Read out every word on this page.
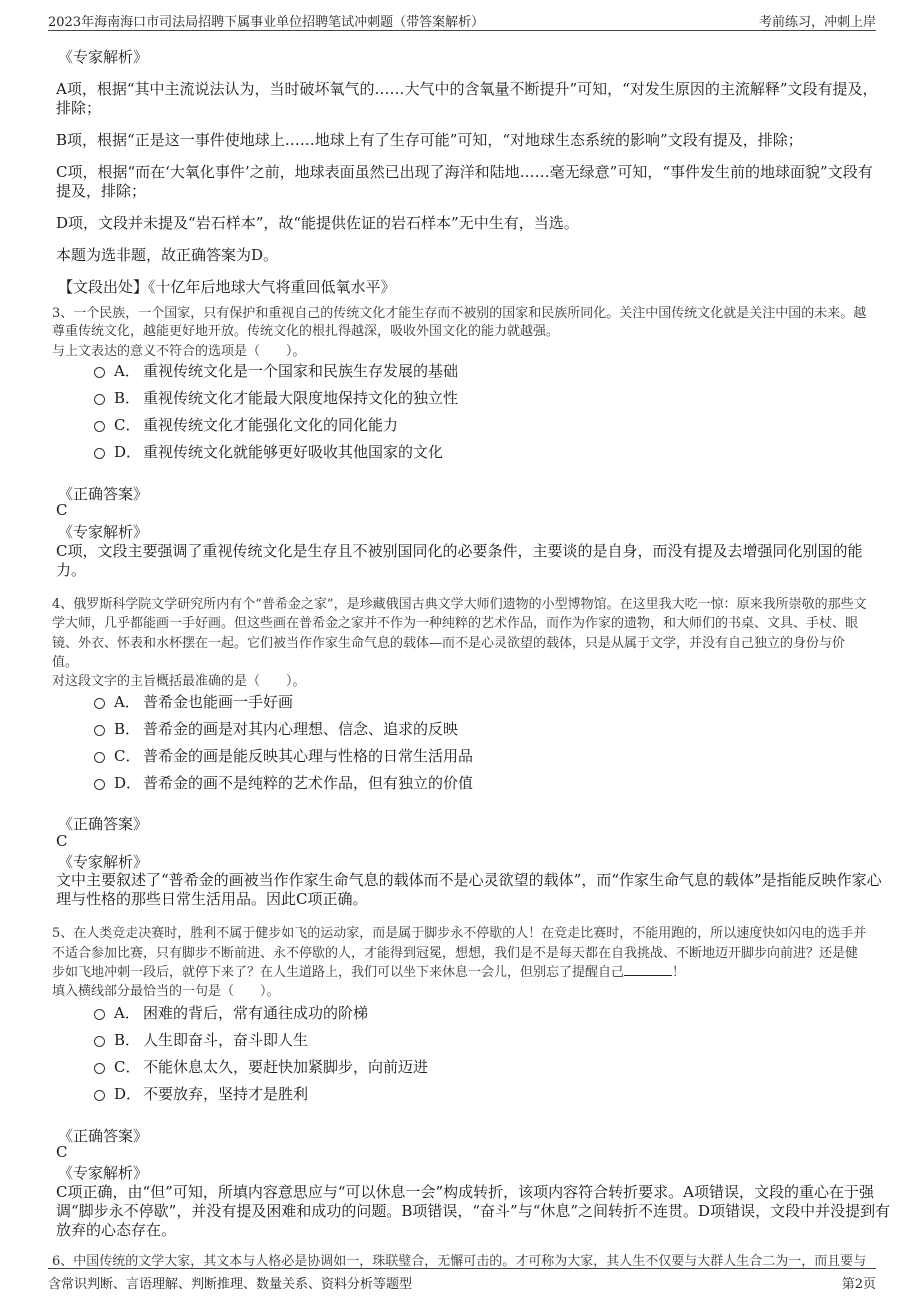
2023年海南海口市司法局招聘下属事业单位招聘笔试冲刺题（带答案解析）	考前练习，冲刺上岸
《专家解析》
A项，根据“其中主流说法认为，当时破坏氧气的……大气中的含氧量不断提升”可知，“对发生原因的主流解释”文段有提及，
排除；
B项，根据“正是这一事件使地球上……地球上有了生存可能”可知，“对地球生态系统的影响”文段有提及，排除；
C项，根据“而在‘大氧化事件’之前，地球表面虽然已出现了海洋和陆地……毫无绿意”可知，“事件发生前的地球面貌”文段有
提及，排除；
D项，文段并未提及“岩石样本”，故“能提供佐证的岩石样本”无中生有，当选。
本题为选非题，故正确答案为D。
【文段出处】《十亿年后地球大气将重回低氧水平》
3、一个民族，一个国家，只有保护和重视自己的传统文化才能生存而不被别的国家和民族所同化。关注中国传统文化就是关注中国的未来。越
尊重传统文化，越能更好地开放。传统文化的根扎得越深，吸收外国文化的能力就越强。
与上文表达的意义不符合的选项是（　　）。
A． 重视传统文化是一个国家和民族生存发展的基础
B． 重视传统文化才能最大限度地保持文化的独立性
C． 重视传统文化才能强化文化的同化能力
D． 重视传统文化就能够更好吸收其他国家的文化
《正确答案》
C
《专家解析》
C项，文段主要强调了重视传统文化是生存且不被别国同化的必要条件，主要谈的是自身，而没有提及去增强同化别国的能
力。
4、俄罗斯科学院文学研究所内有个“普希金之家”，是珍藏俄国古典文学大师们遗物的小型博物馆。在这里我大吃一惊：原来我所崇敬的那些文
学大师，几乎都能画一手好画。但这些画在普希金之家并不作为一种纯粹的艺术作品，而作为作家的遗物，和大师们的书桌、文具、手杖、眼
镜、外衣、怀表和水杯摆在一起。它们被当作作家生命气息的载体—而不是心灵欲望的载体，只是从属于文学，并没有自己独立的身份与价
值。
对这段文字的主旨概括最准确的是（　　）。
A． 普希金也能画一手好画
B． 普希金的画是对其内心理想、信念、追求的反映
C． 普希金的画是能反映其心理与性格的日常生活用品
D． 普希金的画不是纯粹的艺术作品，但有独立的价值
《正确答案》
C
《专家解析》
文中主要叙述了“普希金的画被当作作家生命气息的载体而不是心灵欲望的载体”，而“作家生命气息的载体”是指能反映作家心
理与性格的那些日常生活用品。因此C项正确。
5、在人类竞走决赛时，胜利不属于健步如飞的运动家，而是属于脚步永不停歇的人！在竞走比赛时，不能用跑的，所以速度快如闪电的选手并
不适合参加比赛，只有脚步不断前进、永不停歇的人，才能得到冠冕，想想，我们是不是每天都在自我挑战、不断地迈开脚步向前进？还是健
步如飞地冲刺一段后，就停下来了？在人生道路上，我们可以坐下来休息一会儿，但别忘了提醒自己	！
填入横线部分最恰当的一句是（　　）。
A． 困难的背后，常有通往成功的阶梯
B． 人生即奋斗，奋斗即人生
C． 不能休息太久，要赶快加紧脚步，向前迈进
D． 不要放弃，坚持才是胜利
《正确答案》
C
《专家解析》
C项正确，由“但”可知，所填内容意思应与“可以休息一会”构成转折，该项内容符合转折要求。A项错误，文段的重心在于强
调“脚步永不停歇”，并没有提及困难和成功的问题。B项错误，“奋斗”与“休息”之间转折不连贯。D项错误，文段中并没提到有
放弃的心态存在。
6、中国传统的文学大家，其文本与人格必是协调如一，珠联璧合，无懈可击的。才可称为大家，其人生不仅要与大群人生合二为一，而且要与
含常识判断、言语理解、判断推理、数量关系、资料分析等题型	第2页
